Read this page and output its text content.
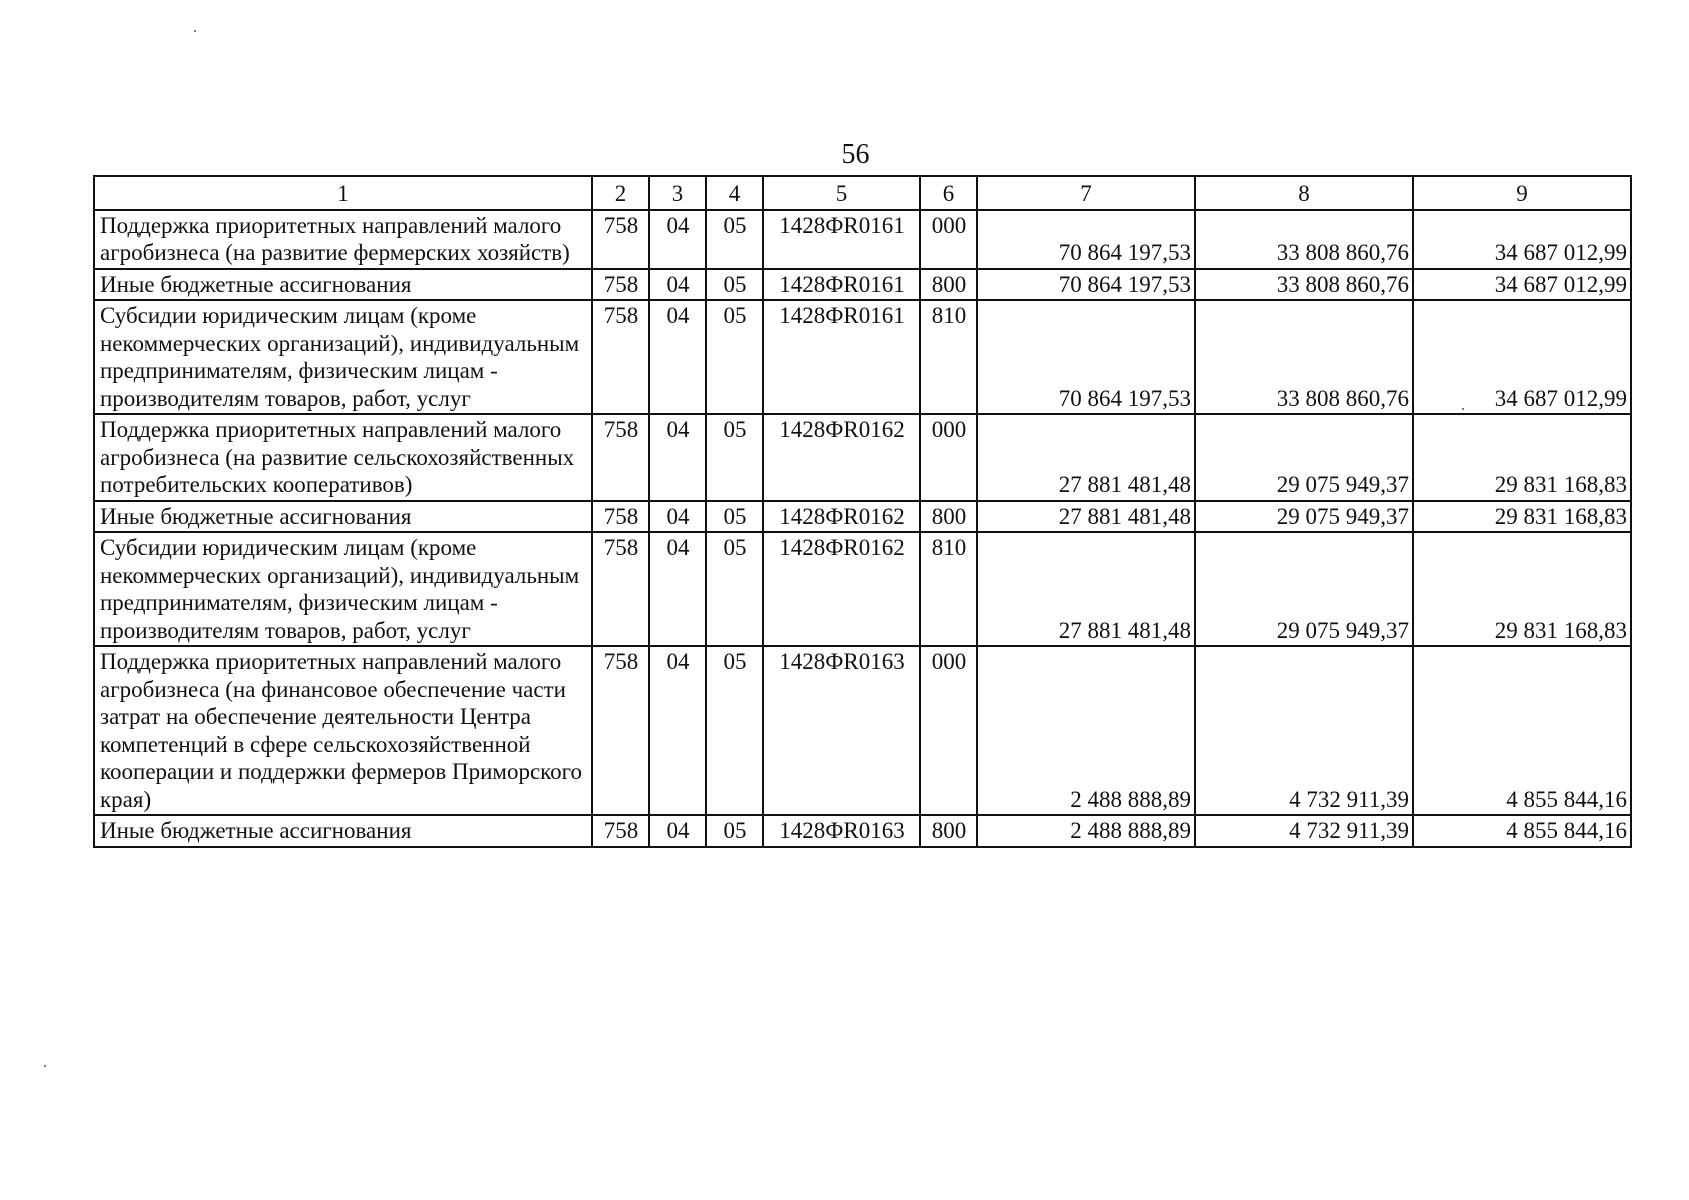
56
1	2	3	4	5	6	7	8	9
Поддержка приоритетных направлений малого агробизнеса (на развитие фермерских хозяйств)	758	04	05	1428ФR0161	000	70 864 197,53	33 808 860,76	34 687 012,99
Иные бюджетные ассигнования	758	04	05	1428ФR0161	800	70 864 197,53	33 808 860,76	34 687 012,99
Субсидии юридическим лицам (кроме некоммерческих организаций), индивидуальным предпринимателям, физическим лицам - производителям товаров, работ, услуг	758	04	05	1428ФR0161	810	70 864 197,53	33 808 860,76	34 687 012,99
Поддержка приоритетных направлений малого агробизнеса (на развитие сельскохозяйственных потребительских кооперативов)	758	04	05	1428ФR0162	000	27 881 481,48	29 075 949,37	29 831 168,83
Иные бюджетные ассигнования	758	04	05	1428ФR0162	800	27 881 481,48	29 075 949,37	29 831 168,83
Субсидии юридическим лицам (кроме некоммерческих организаций), индивидуальным предпринимателям, физическим лицам - производителям товаров, работ, услуг	758	04	05	1428ФR0162	810	27 881 481,48	29 075 949,37	29 831 168,83
Поддержка приоритетных направлений малого агробизнеса (на финансовое обеспечение части затрат на обеспечение деятельности Центра компетенций в сфере сельскохозяйственной кооперации и поддержки фермеров Приморского края)	758	04	05	1428ФR0163	000	2 488 888,89	4 732 911,39	4 855 844,16
Иные бюджетные ассигнования	758	04	05	1428ФR0163	800	2 488 888,89	4 732 911,39	4 855 844,16
